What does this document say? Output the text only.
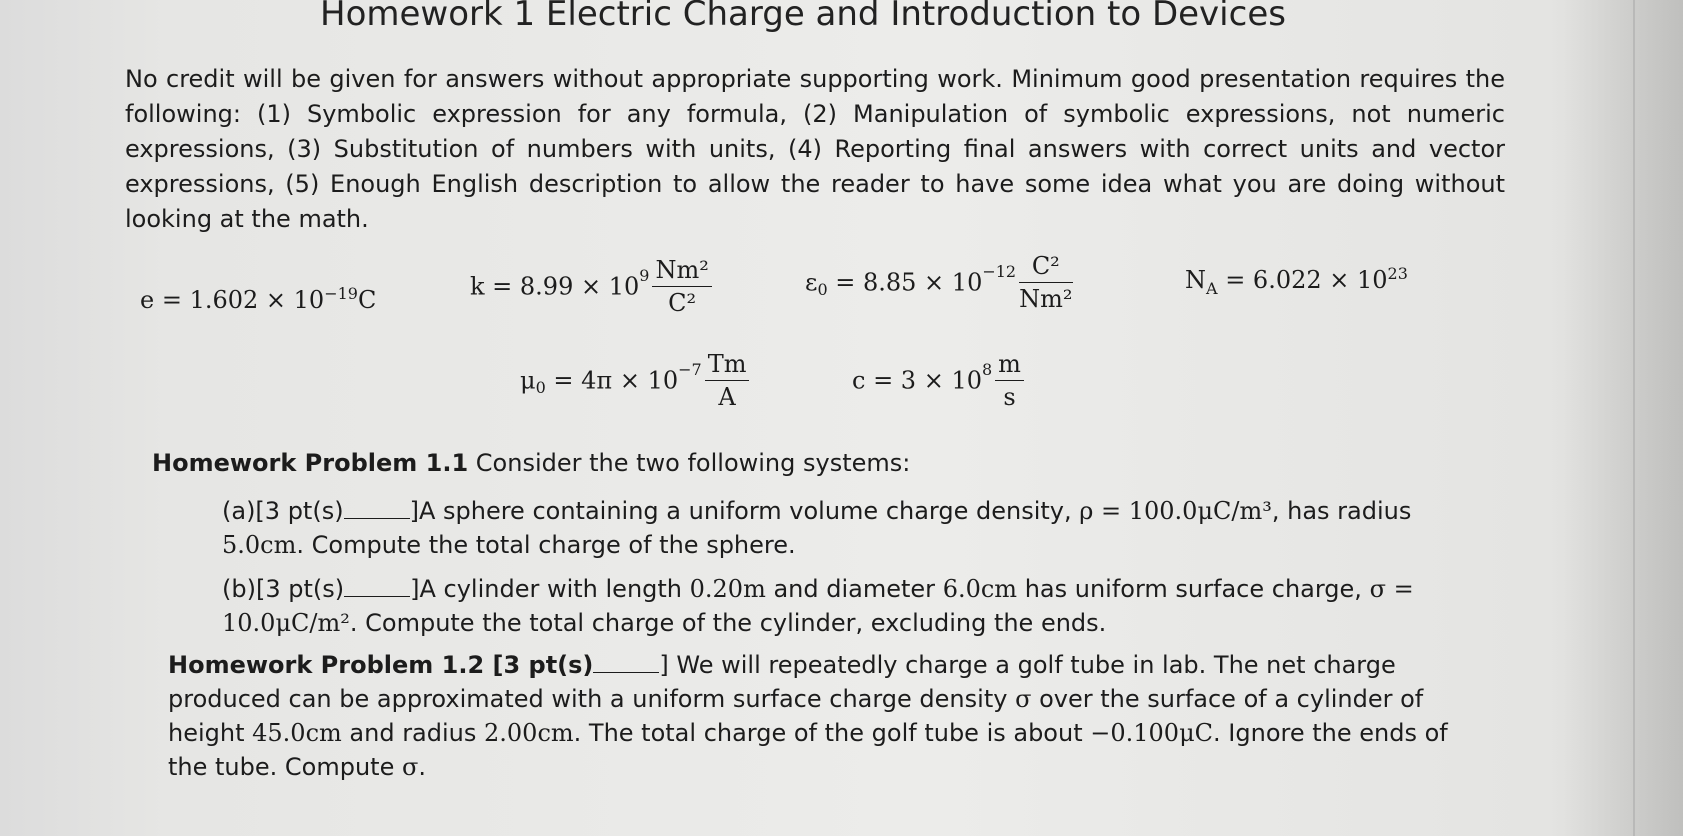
Homework 1 Electric Charge and Introduction to Devices
No credit will be given for answers without appropriate supporting work. Minimum good presentation requires the following: (1) Symbolic expression for any formula, (2) Manipulation of symbolic expressions, not numeric expressions, (3) Substitution of numbers with units, (4) Reporting final answers with correct units and vector expressions, (5) Enough English description to allow the reader to have some idea what you are doing without looking at the math.
$e = 1.602 \times 10^{-19}C$	$k = 8.99 \times 10^9 \frac{\text{Nm²}}{\text{C²}}$	$\varepsilon_0 = 8.85 \times 10^{-12} \frac{\text{C²}}{\text{Nm²}}$	$N_A = 6.022 \times 10^{23}$
$\mu_0 = 4\pi \times 10^{-7} \frac{Tm}{A}$	$c = 3 \times 10^8 \frac{m}{s}$
Homework Problem 1.1 Consider the two following systems:
(a)[3 pt(s)	]A sphere containing a uniform volume charge density, ρ = 100.0μC/m³, has radius 5.0cm. Compute the total charge of the sphere.
(b)[3 pt(s)	]A cylinder with length 0.20m and diameter 6.0cm has uniform surface charge, σ = 10.0μC/m². Compute the total charge of the cylinder, excluding the ends.
Homework Problem 1.2 [3 pt(s)	] We will repeatedly charge a golf tube in lab. The net charge produced can be approximated with a uniform surface charge density σ over the surface of a cylinder of height 45.0cm and radius 2.00cm. The total charge of the golf tube is about −0.100μC. Ignore the ends of the tube. Compute σ.
